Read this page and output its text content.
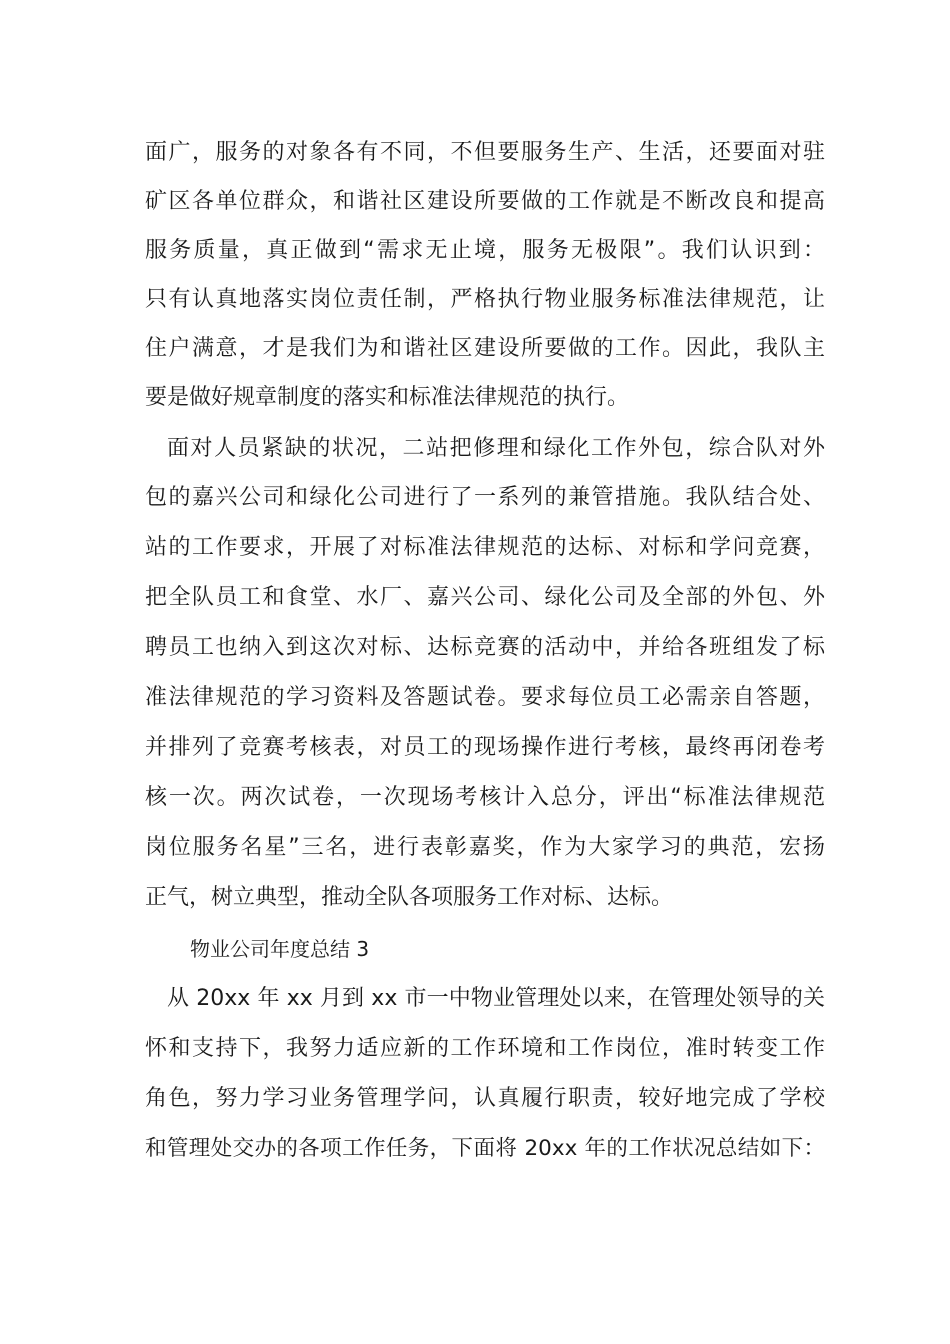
面广，服务的对象各有不同，不但要服务生产、生活，还要面对驻
矿区各单位群众，和谐社区建设所要做的工作就是不断改良和提高
服务质量，真正做到“需求无止境，服务无极限”。我们认识到：
只有认真地落实岗位责任制，严格执行物业服务标准法律规范，让
住户满意，才是我们为和谐社区建设所要做的工作。因此，我队主
要是做好规章制度的落实和标准法律规范的执行。
面对人员紧缺的状况，二站把修理和绿化工作外包，综合队对外
包的嘉兴公司和绿化公司进行了一系列的兼管措施。我队结合处、
站的工作要求，开展了对标准法律规范的达标、对标和学问竞赛，
把全队员工和食堂、水厂、嘉兴公司、绿化公司及全部的外包、外
聘员工也纳入到这次对标、达标竞赛的活动中，并给各班组发了标
准法律规范的学习资料及答题试卷。要求每位员工必需亲自答题，
并排列了竞赛考核表，对员工的现场操作进行考核，最终再闭卷考
核一次。两次试卷，一次现场考核计入总分，评出“标准法律规范
岗位服务名星”三名，进行表彰嘉奖，作为大家学习的典范，宏扬
正气，树立典型，推动全队各项服务工作对标、达标。
物业公司年度总结 3
从 20xx 年 xx 月到 xx 市一中物业管理处以来，在管理处领导的关
怀和支持下，我努力适应新的工作环境和工作岗位，准时转变工作
角色，努力学习业务管理学问，认真履行职责，较好地完成了学校
和管理处交办的各项工作任务，下面将 20xx 年的工作状况总结如下：
